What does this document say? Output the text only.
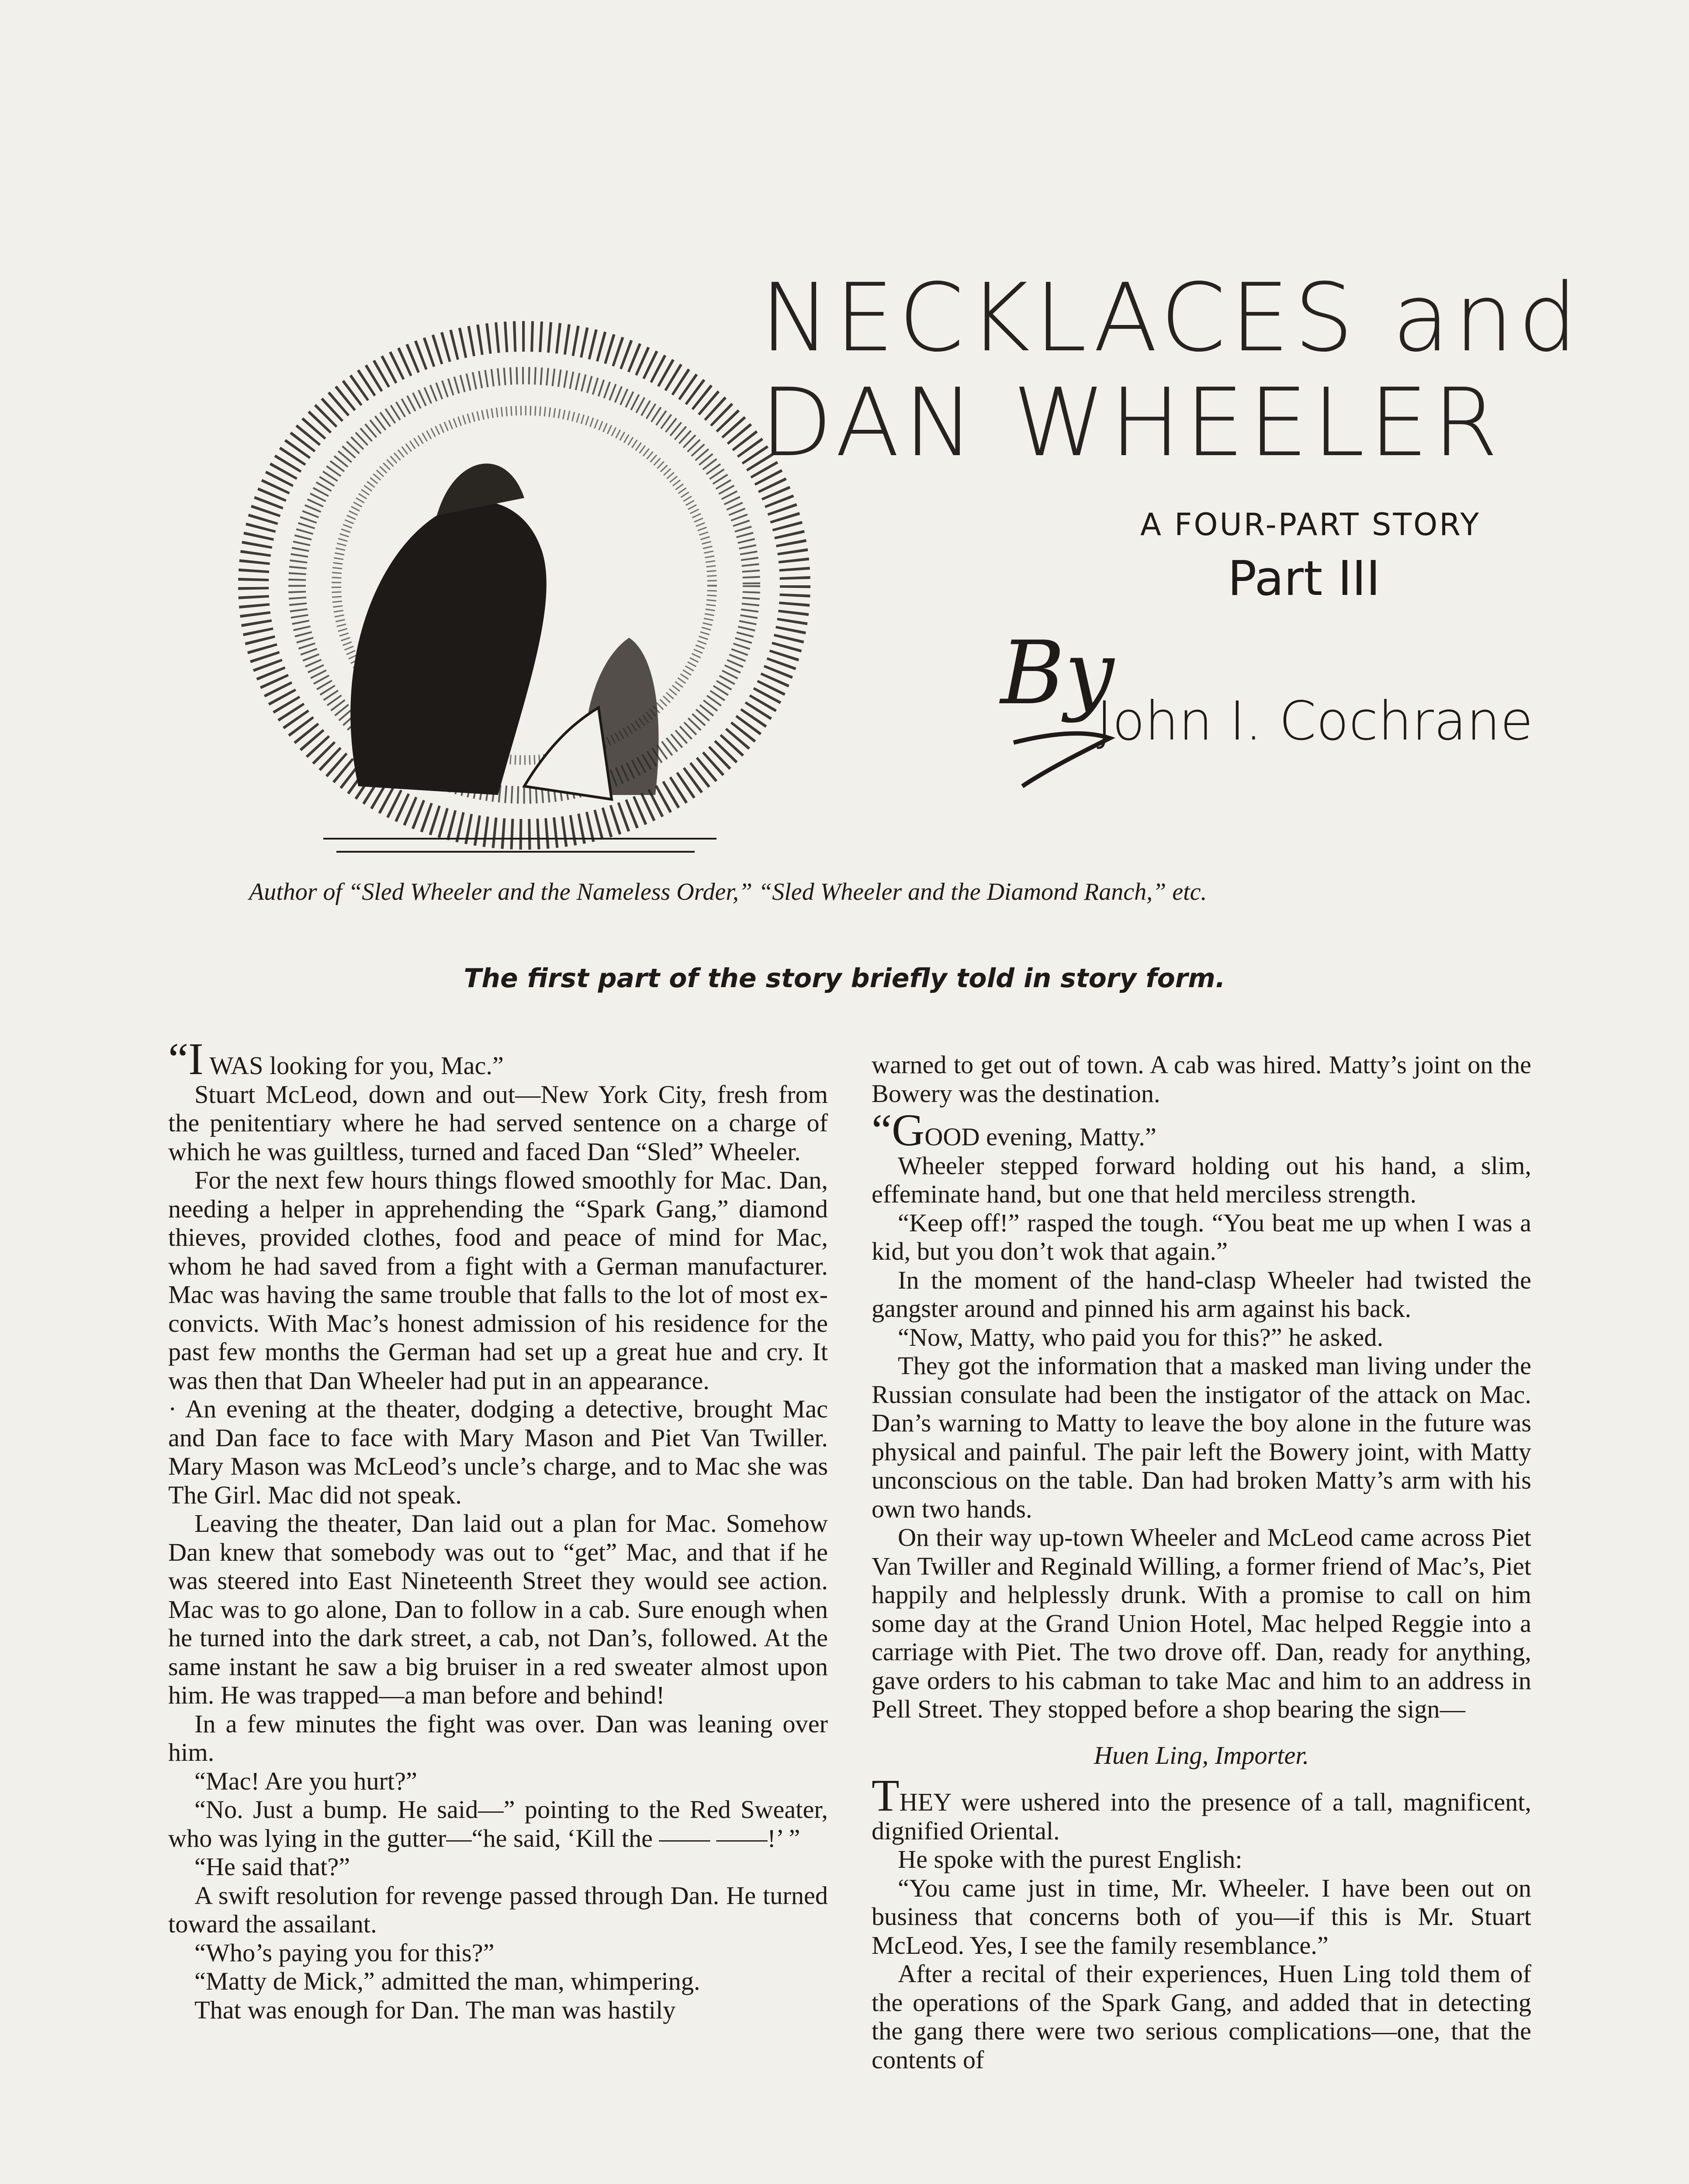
NECKLACES and
DAN WHEELER
A FOUR-PART STORY
Part III
By
John I. Cochrane
Author of “Sled Wheeler and the Nameless Order,” “Sled Wheeler and the Diamond Ranch,” etc.
The first part of the story briefly told in story form.

“I WAS looking for you, Mac.”

Stuart McLeod, down and out—New York City, fresh from the penitentiary where he had served sentence on a charge of which he was guiltless, turned and faced Dan “Sled” Wheeler.

For the next few hours things flowed smoothly for Mac. Dan, needing a helper in apprehending the “Spark Gang,” diamond thieves, provided clothes, food and peace of mind for Mac, whom he had saved from a fight with a German manufacturer. Mac was having the same trouble that falls to the lot of most ex-convicts. With Mac’s honest admission of his residence for the past few months the German had set up a great hue and cry. It was then that Dan Wheeler had put in an appearance.

· An evening at the theater, dodging a detective, brought Mac and Dan face to face with Mary Mason and Piet Van Twiller. Mary Mason was McLeod’s uncle’s charge, and to Mac she was The Girl. Mac did not speak.

Leaving the theater, Dan laid out a plan for Mac. Somehow Dan knew that somebody was out to “get” Mac, and that if he was steered into East Nineteenth Street they would see action. Mac was to go alone, Dan to follow in a cab. Sure enough when he turned into the dark street, a cab, not Dan’s, followed. At the same instant he saw a big bruiser in a red sweater almost upon him. He was trapped—a man before and behind!

In a few minutes the fight was over. Dan was leaning over him.

“Mac! Are you hurt?”

“No. Just a bump. He said—” pointing to the Red Sweater, who was lying in the gutter—“he said, ‘Kill the —— ——!’ ”

“He said that?”

A swift resolution for revenge passed through Dan. He turned toward the assailant.

“Who’s paying you for this?”

“Matty de Mick,” admitted the man, whimpering.

That was enough for Dan. The man was hastily

warned to get out of town. A cab was hired. Matty’s joint on the Bowery was the destination.

“GOOD evening, Matty.”

Wheeler stepped forward holding out his hand, a slim, effeminate hand, but one that held merciless strength.

“Keep off!” rasped the tough. “You beat me up when I was a kid, but you don’t wok that again.”

In the moment of the hand-clasp Wheeler had twisted the gangster around and pinned his arm against his back.

“Now, Matty, who paid you for this?” he asked.

They got the information that a masked man living under the Russian consulate had been the instigator of the attack on Mac. Dan’s warning to Matty to leave the boy alone in the future was physical and painful. The pair left the Bowery joint, with Matty unconscious on the table. Dan had broken Matty’s arm with his own two hands.

On their way up-town Wheeler and McLeod came across Piet Van Twiller and Reginald Willing, a former friend of Mac’s, Piet happily and helplessly drunk. With a promise to call on him some day at the Grand Union Hotel, Mac helped Reggie into a carriage with Piet. The two drove off. Dan, ready for anything, gave orders to his cabman to take Mac and him to an address in Pell Street. They stopped before a shop bearing the sign—

Huen Ling, Importer.

THEY were ushered into the presence of a tall, magnificent, dignified Oriental.

He spoke with the purest English:

“You came just in time, Mr. Wheeler. I have been out on business that concerns both of you—if this is Mr. Stuart McLeod. Yes, I see the family resemblance.”

After a recital of their experiences, Huen Ling told them of the operations of the Spark Gang, and added that in detecting the gang there were two serious complications—one, that the contents of
